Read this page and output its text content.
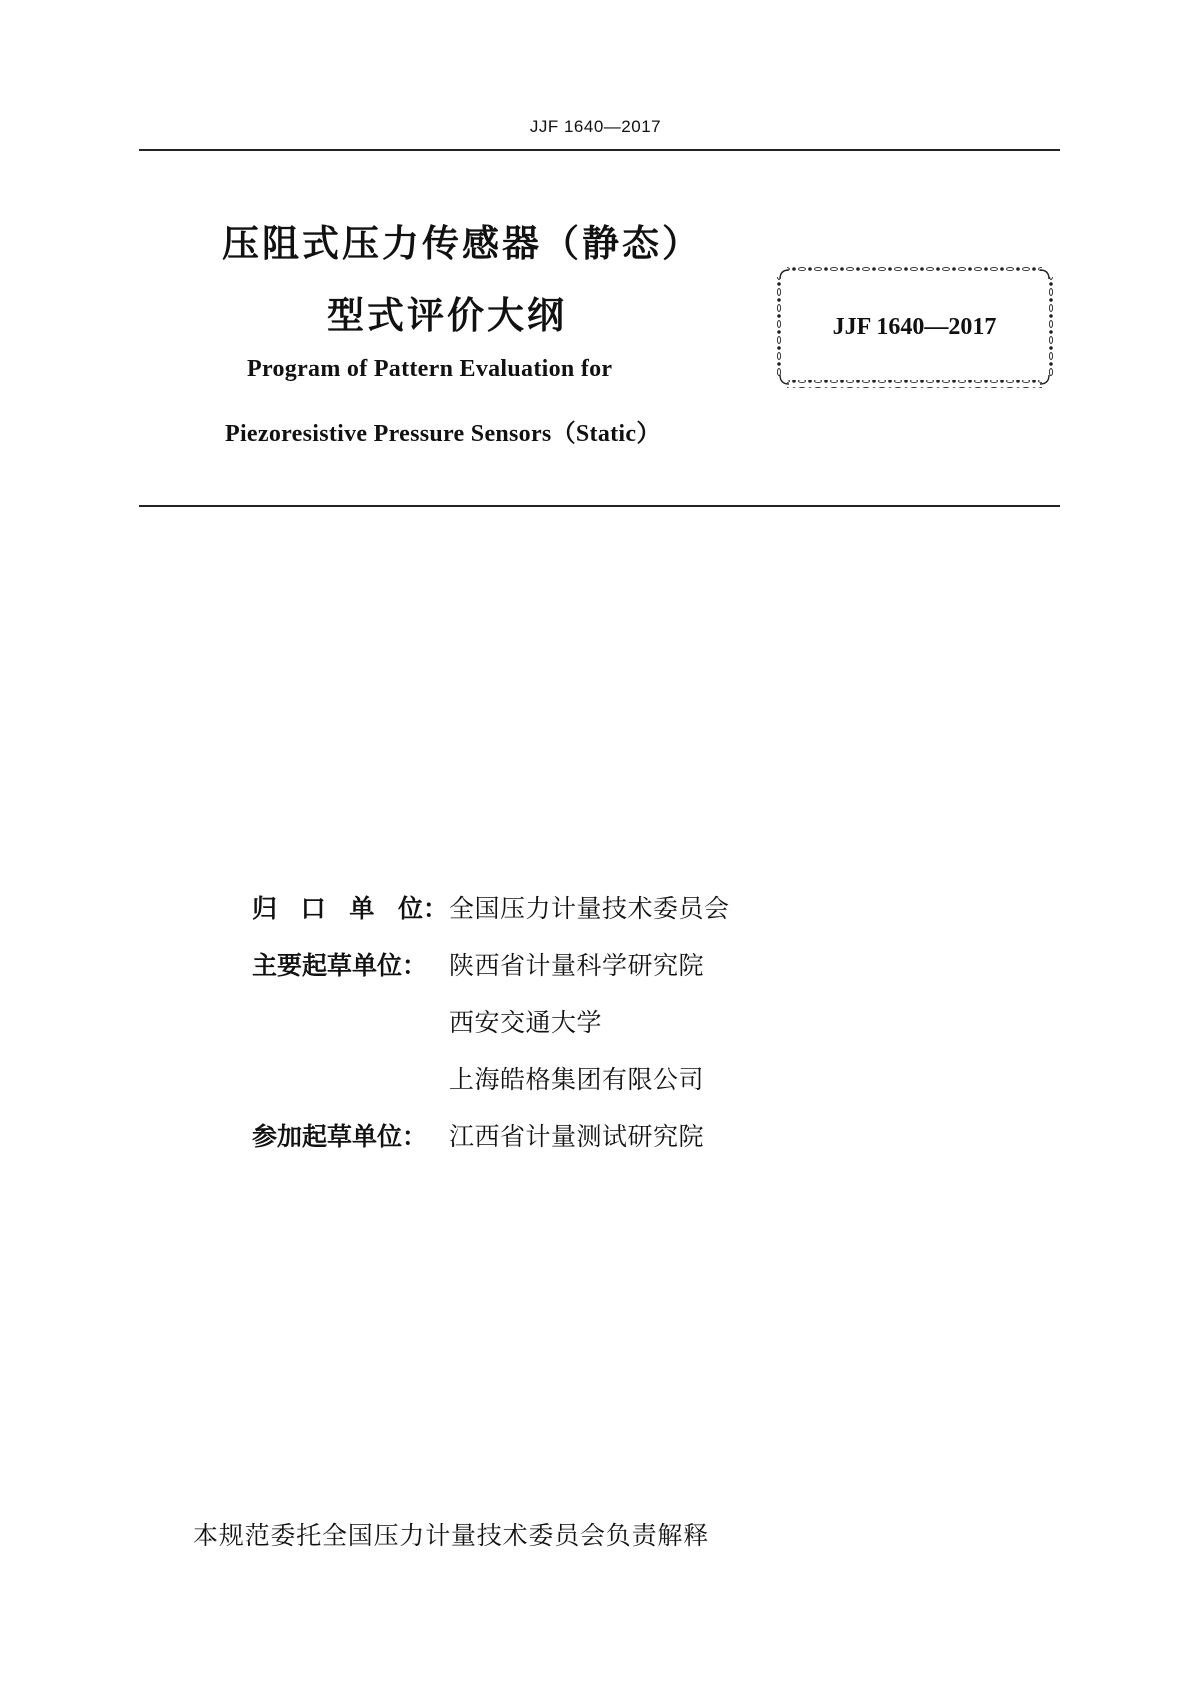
JJF 1640—2017
压阻式压力传感器（静态）
型式评价大纲
Program of Pattern Evaluation for
Piezoresistive Pressure Sensors（Static）
JJF 1640—2017
归 口 单 位 ： 全国压力计量技术委员会
主要起草单位： 陕西省计量科学研究院
西安交通大学
上海皓格集团有限公司
参加起草单位： 江西省计量测试研究院
本规范委托全国压力计量技术委员会负责解释
